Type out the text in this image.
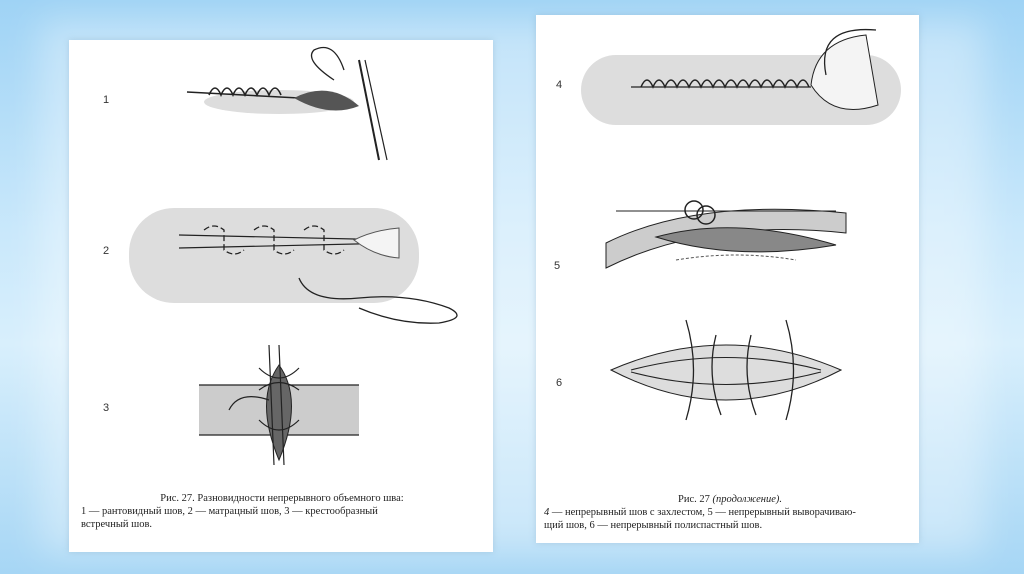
1
2
3
Рис. 27. Разновидности непрерывного объемного шва:
1 — рантовидный шов, 2 — матрацный шов, 3 — крестообразный
встречный шов.
4
5
6
Рис. 27 (продолжение).
4 — непрерывный шов с захлестом, 5 — непрерывный выворачиваю-
щий шов, 6 — непрерывный полиспастный шов.
